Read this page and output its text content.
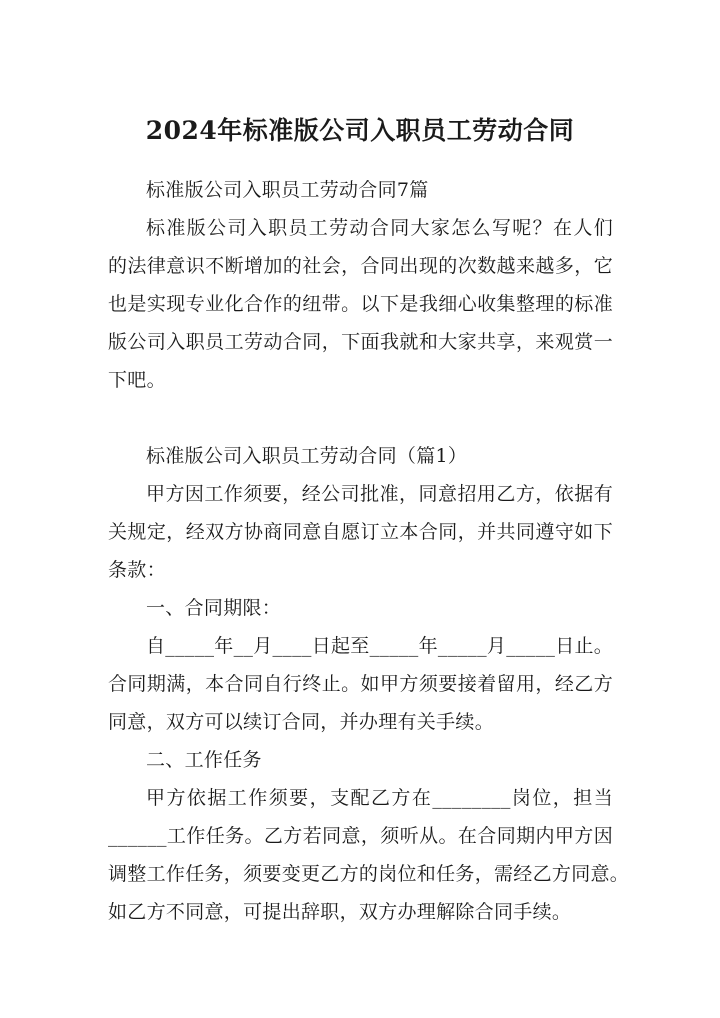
2024年标准版公司入职员工劳动合同
标准版公司入职员工劳动合同7篇
标准版公司入职员工劳动合同大家怎么写呢？在人们
的法律意识不断增加的社会，合同出现的次数越来越多，它
也是实现专业化合作的纽带。以下是我细心收集整理的标准
版公司入职员工劳动合同，下面我就和大家共享，来观赏一
下吧。
标准版公司入职员工劳动合同（篇1）
甲方因工作须要，经公司批准，同意招用乙方，依据有
关规定，经双方协商同意自愿订立本合同，并共同遵守如下
条款：
一、合同期限：
自_____年__月____日起至_____年_____月_____日止。
合同期满，本合同自行终止。如甲方须要接着留用，经乙方
同意，双方可以续订合同，并办理有关手续。
二、工作任务
甲方依据工作须要，支配乙方在________岗位，担当
______工作任务。乙方若同意，须听从。在合同期内甲方因
调整工作任务，须要变更乙方的岗位和任务，需经乙方同意。
如乙方不同意，可提出辞职，双方办理解除合同手续。
